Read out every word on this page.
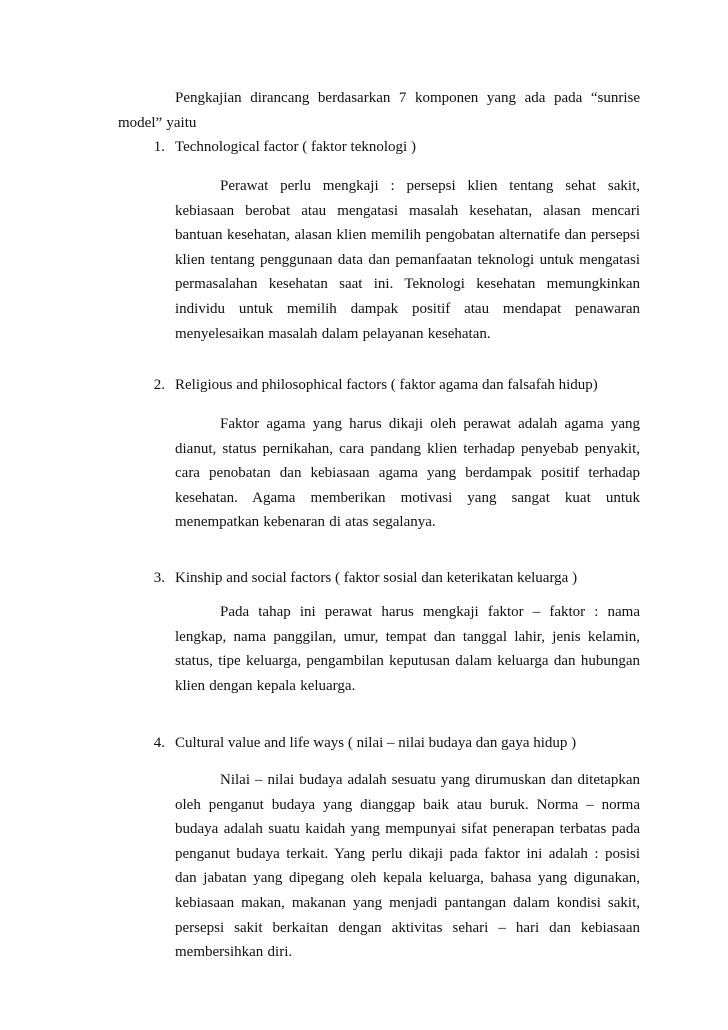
Pengkajian dirancang berdasarkan 7 komponen yang ada pada “sunrise model” yaitu
1. Technological factor ( faktor teknologi )
Perawat perlu mengkaji : persepsi klien tentang sehat sakit, kebiasaan berobat atau mengatasi masalah kesehatan, alasan mencari bantuan kesehatan, alasan klien memilih pengobatan alternatife dan persepsi klien tentang penggunaan data dan pemanfaatan teknologi untuk mengatasi permasalahan kesehatan saat ini. Teknologi kesehatan memungkinkan individu untuk memilih dampak positif atau mendapat penawaran menyelesaikan masalah dalam pelayanan kesehatan.
2. Religious and philosophical factors ( faktor agama dan falsafah hidup)
Faktor agama yang harus dikaji oleh perawat adalah agama yang dianut, status pernikahan, cara pandang klien terhadap penyebab penyakit, cara penobatan dan kebiasaan agama yang berdampak positif terhadap kesehatan. Agama memberikan motivasi yang sangat kuat untuk menempatkan kebenaran di atas segalanya.
3. Kinship and social factors ( faktor sosial dan keterikatan keluarga )
Pada tahap ini perawat harus mengkaji faktor – faktor : nama lengkap, nama panggilan, umur, tempat dan tanggal lahir, jenis kelamin, status, tipe keluarga, pengambilan keputusan dalam keluarga dan hubungan klien dengan kepala keluarga.
4. Cultural value and life ways ( nilai – nilai budaya dan gaya hidup )
Nilai – nilai budaya adalah sesuatu yang dirumuskan dan ditetapkan oleh penganut budaya yang dianggap baik atau buruk. Norma – norma budaya adalah suatu kaidah yang mempunyai sifat penerapan terbatas pada penganut budaya terkait. Yang perlu dikaji pada faktor ini adalah : posisi dan jabatan yang dipegang oleh kepala keluarga, bahasa yang digunakan, kebiasaan makan, makanan yang menjadi pantangan dalam kondisi sakit, persepsi sakit berkaitan dengan aktivitas sehari – hari dan kebiasaan membersihkan diri.
